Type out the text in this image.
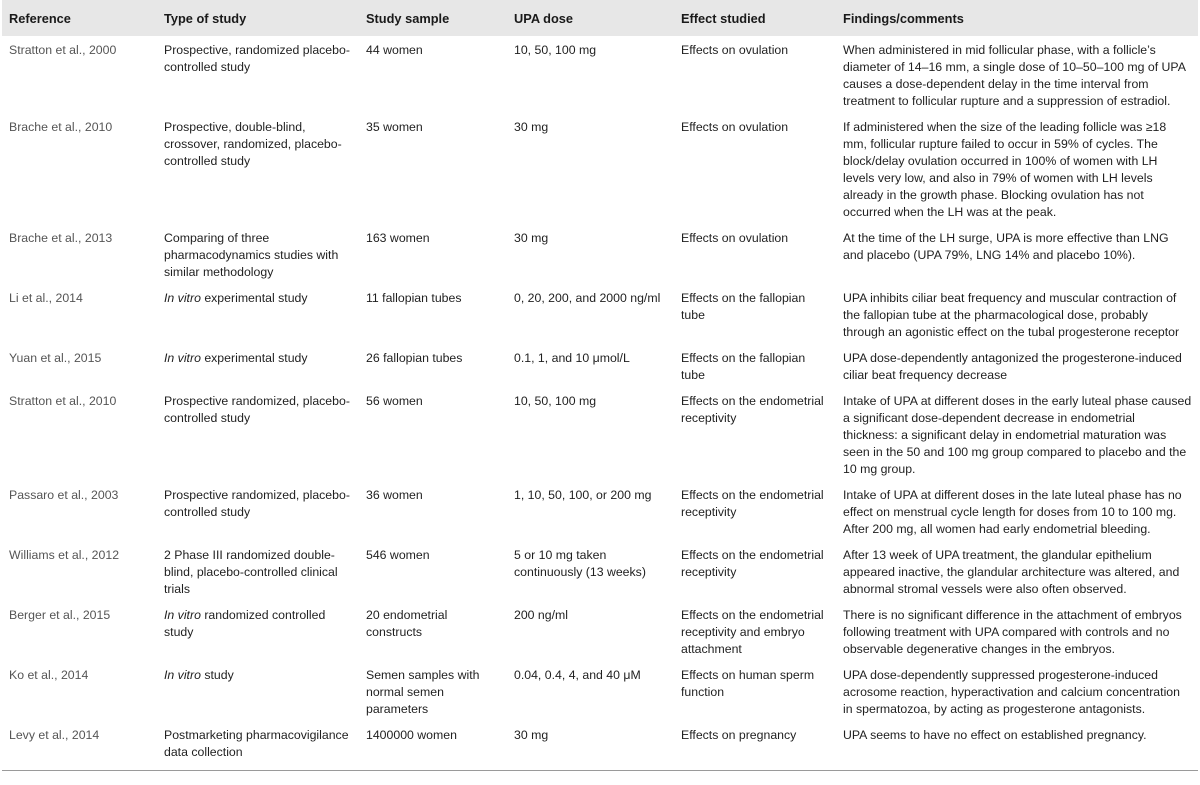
Reference	Type of study	Study sample	UPA dose	Effect studied	Findings/comments
Stratton et al., 2000	Prospective, randomized placebo- controlled study	44 women	10, 50, 100 mg	Effects on ovulation	When administered in mid follicular phase, with a follicle’s diameter of 14–16 mm, a single dose of 10–50–100 mg of UPA causes a dose-dependent delay in the time interval from treatment to follicular rupture and a suppression of estradiol.
Brache et al., 2010	Prospective, double-blind, crossover, randomized, placebo-controlled study	35 women	30 mg	Effects on ovulation	If administered when the size of the leading follicle was ≥18 mm, follicular rupture failed to occur in 59% of cycles. The block/delay ovulation occurred in 100% of women with LH levels very low, and also in 79% of women with LH levels already in the growth phase. Blocking ovulation has not occurred when the LH was at the peak.
Brache et al., 2013	Comparing of three pharmacodynamics studies with similar methodology	163 women	30 mg	Effects on ovulation	At the time of the LH surge, UPA is more effective than LNG and placebo (UPA 79%, LNG 14% and placebo 10%).
Li et al., 2014	In vitro experimental study	11 fallopian tubes	0, 20, 200, and 2000 ng/ml	Effects on the fallopian tube	UPA inhibits ciliar beat frequency and muscular contraction of the fallopian tube at the pharmacological dose, probably through an agonistic effect on the tubal progesterone receptor
Yuan et al., 2015	In vitro experimental study	26 fallopian tubes	0.1, 1, and 10 μmol/L	Effects on the fallopian tube	UPA dose-dependently antagonized the progesterone-induced ciliar beat frequency decrease
Stratton et al., 2010	Prospective randomized, placebo- controlled study	56 women	10, 50, 100 mg	Effects on the endometrial receptivity	Intake of UPA at different doses in the early luteal phase caused a significant dose-dependent decrease in endometrial thickness: a significant delay in endometrial maturation was seen in the 50 and 100 mg group compared to placebo and the 10 mg group.
Passaro et al., 2003	Prospective randomized, placebo-controlled study	36 women	1, 10, 50, 100, or 200 mg	Effects on the endometrial receptivity	Intake of UPA at different doses in the late luteal phase has no effect on menstrual cycle length for doses from 10 to 100 mg. After 200 mg, all women had early endometrial bleeding.
Williams et al., 2012	2 Phase III randomized double-blind, placebo-controlled clinical trials	546 women	5 or 10 mg taken continuously (13 weeks)	Effects on the endometrial receptivity	After 13 week of UPA treatment, the glandular epithelium appeared inactive, the glandular architecture was altered, and abnormal stromal vessels were also often observed.
Berger et al., 2015	In vitro randomized controlled study	20 endometrial constructs	200 ng/ml	Effects on the endometrial receptivity and embryo attachment	There is no significant difference in the attachment of embryos following treatment with UPA compared with controls and no observable degenerative changes in the embryos.
Ko et al., 2014	In vitro study	Semen samples with normal semen parameters	0.04, 0.4, 4, and 40 μM	Effects on human sperm function	UPA dose-dependently suppressed progesterone-induced acrosome reaction, hyperactivation and calcium concentration in spermatozoa, by acting as progesterone antagonists.
Levy et al., 2014	Postmarketing pharmacovigilance data collection	1400000 women	30 mg	Effects on pregnancy	UPA seems to have no effect on established pregnancy.
